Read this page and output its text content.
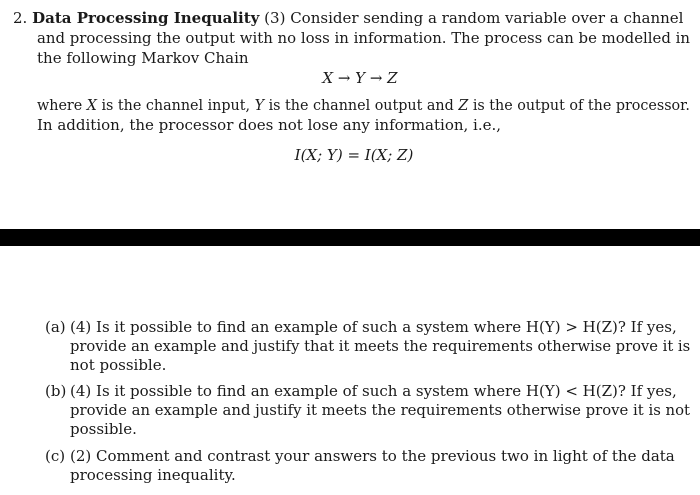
2. Data Processing Inequality (3) Consider sending a random variable over a channel
and processing the output with no loss in information. The process can be modelled in
the following Markov Chain
X → Y → Z
where X is the channel input, Y is the channel output and Z is the output of the processor.
In addition, the processor does not lose any information, i.e.,
I(X; Y) = I(X; Z)
(a) (4) Is it possible to find an example of such a system where H(Y) > H(Z)? If yes,
provide an example and justify that it meets the requirements otherwise prove it is
not possible.
(b) (4) Is it possible to find an example of such a system where H(Y) < H(Z)? If yes,
provide an example and justify it meets the requirements otherwise prove it is not
possible.
(c) (2) Comment and contrast your answers to the previous two in light of the data
processing inequality.
